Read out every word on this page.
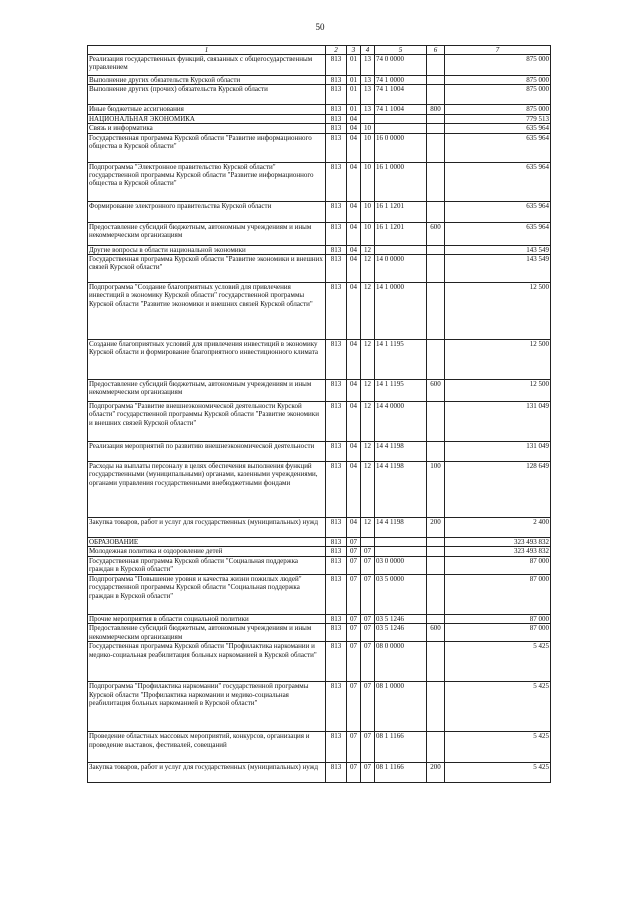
50
1	2	3	4	5	6	7
Реализация государственных функций, связанных с общегосударственным управлением	813	01	13	74 0 0000		875 000
Выполнение других обязательств Курской области	813	01	13	74 1 0000		875 000
Выполнение других (прочих) обязательств Курской области	813	01	13	74 1 1004		875 000
Иные бюджетные ассигнования	813	01	13	74 1 1004	800	875 000
НАЦИОНАЛЬНАЯ ЭКОНОМИКА	813	04				779 513
Связь и информатика	813	04	10			635 964
Государственная программа Курской области "Развитие информационного общества в Курской области"	813	04	10	16 0 0000		635 964
Подпрограмма "Электронное правительство Курской области" государственной программы Курской области "Развитие информационного общества в Курской области"	813	04	10	16 1 0000		635 964
Формирование электронного правительства Курской области	813	04	10	16 1 1201		635 964
Предоставление субсидий бюджетным, автономным учреждениям и иным некоммерческим организациям	813	04	10	16 1 1201	600	635 964
Другие вопросы в области национальной экономики	813	04	12			143 549
Государственная программа Курской области "Развитие экономики и внешних связей Курской области"	813	04	12	14 0 0000		143 549
Подпрограмма "Создание благоприятных условий для привлечения инвестиций в экономику Курской области" государственной программы Курской области "Развитие экономики и внешних связей Курской области"	813	04	12	14 1 0000		12 500
Создание благоприятных условий для привлечения инвестиций в экономику Курской области и формирование благоприятного инвестиционного климата	813	04	12	14 1 1195		12 500
Предоставление субсидий бюджетным, автономным учреждениям и иным некоммерческим организациям	813	04	12	14 1 1195	600	12 500
Подпрограмма "Развитие внешнеэкономической деятельности Курской области" государственной программы Курской области "Развитие экономики и внешних связей Курской области"	813	04	12	14 4 0000		131 049
Реализация мероприятий по развитию внешнеэкономической деятельности	813	04	12	14 4 1198		131 049
Расходы на выплаты персоналу в целях обеспечения выполнения функций государственными (муниципальными) органами, казенными учреждениями, органами управления государственными внебюджетными фондами	813	04	12	14 4 1198	100	128 649
Закупка товаров, работ и услуг для государственных (муниципальных) нужд	813	04	12	14 4 1198	200	2 400
ОБРАЗОВАНИЕ	813	07				323 493 832
Молодежная политика и оздоровление детей	813	07	07			323 493 832
Государственная программа Курской области "Социальная поддержка граждан в Курской области"	813	07	07	03 0 0000		87 000
Подпрограмма "Повышение уровня и качества жизни пожилых людей" государственной программы Курской области "Социальная поддержка граждан в Курской области"	813	07	07	03 5 0000		87 000
Прочие мероприятия в области социальной политики	813	07	07	03 5 1246		87 000
Предоставление субсидий бюджетным, автономным учреждениям и иным некоммерческим организациям	813	07	07	03 5 1246	600	87 000
Государственная программа Курской области "Профилактика наркомании и медико-социальная реабилитация больных наркоманией в Курской области"	813	07	07	08 0 0000		5 425
Подпрограмма "Профилактика наркомании" государственной программы Курской области "Профилактика наркомании и медико-социальная реабилитация больных наркоманией в Курской области"	813	07	07	08 1 0000		5 425
Проведение областных массовых мероприятий, конкурсов, организация и проведение выставок, фестивалей, совещаний	813	07	07	08 1 1166		5 425
Закупка товаров, работ и услуг для государственных (муниципальных) нужд	813	07	07	08 1 1166	200	5 425
